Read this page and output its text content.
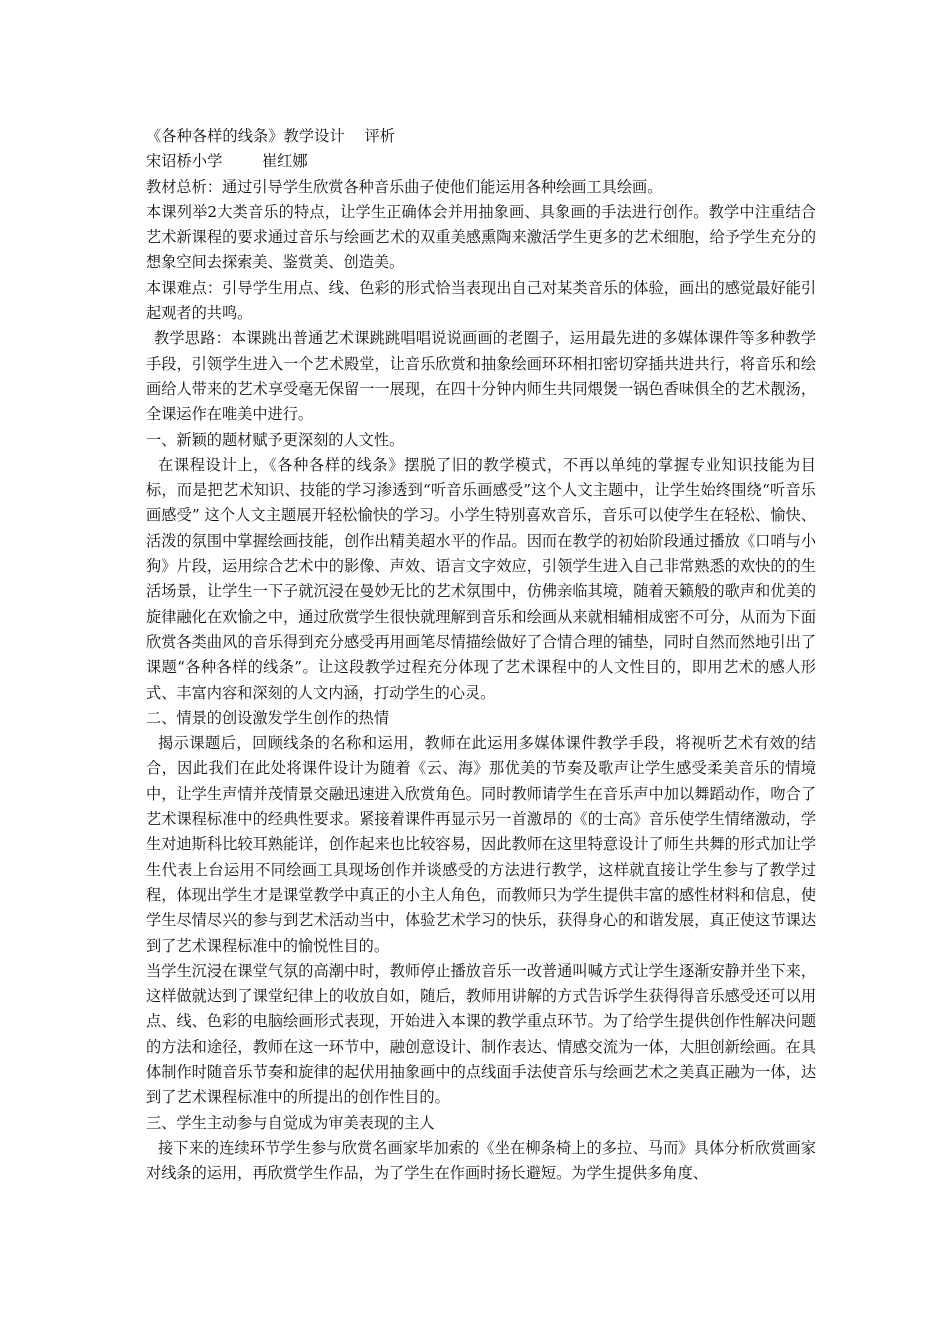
《各种各样的线条》教学设计    评析
宋诏桥小学        崔红娜

教材总析：通过引导学生欣赏各种音乐曲子使他们能运用各种绘画工具绘画。

本课列举2大类音乐的特点，让学生正确体会并用抽象画、具象画的手法进行创作。教学中注重结合艺术新课程的要求通过音乐与绘画艺术的双重美感熏陶来激活学生更多的艺术细胞，给予学生充分的想象空间去探索美、鉴赏美、创造美。

本课难点：引导学生用点、线、色彩的形式恰当表现出自己对某类音乐的体验，画出的感觉最好能引起观者的共鸣。

教学思路：本课跳出普通艺术课跳跳唱唱说说画画的老圈子，运用最先进的多媒体课件等多种教学手段，引领学生进入一个艺术殿堂，让音乐欣赏和抽象绘画环环相扣密切穿插共进共行，将音乐和绘画给人带来的艺术享受毫无保留一一展现，在四十分钟内师生共同煨煲一锅色香味俱全的艺术靓汤，全课运作在唯美中进行。

一、新颖的题材赋予更深刻的人文性。

在课程设计上，《各种各样的线条》摆脱了旧的教学模式，不再以单纯的掌握专业知识技能为目标，而是把艺术知识、技能的学习渗透到“听音乐画感受”这个人文主题中，让学生始终围绕“听音乐画感受” 这个人文主题展开轻松愉快的学习。小学生特别喜欢音乐，音乐可以使学生在轻松、愉快、活泼的氛围中掌握绘画技能，创作出精美超水平的作品。因而在教学的初始阶段通过播放《口哨与小狗》片段，运用综合艺术中的影像、声效、语言文字效应，引领学生进入自己非常熟悉的欢快的的生活场景，让学生一下子就沉浸在曼妙无比的艺术氛围中，仿佛亲临其境，随着天籁般的歌声和优美的旋律融化在欢愉之中，通过欣赏学生很快就理解到音乐和绘画从来就相辅相成密不可分，从而为下面欣赏各类曲风的音乐得到充分感受再用画笔尽情描绘做好了合情合理的铺垫，同时自然而然地引出了课题“各种各样的线条”。让这段教学过程充分体现了艺术课程中的人文性目的，即用艺术的感人形式、丰富内容和深刻的人文内涵，打动学生的心灵。

二、情景的创设激发学生创作的热情

揭示课题后，回顾线条的名称和运用，教师在此运用多媒体课件教学手段，将视听艺术有效的结合，因此我们在此处将课件设计为随着《云、海》那优美的节奏及歌声让学生感受柔美音乐的情境中，让学生声情并茂情景交融迅速进入欣赏角色。同时教师请学生在音乐声中加以舞蹈动作，吻合了艺术课程标准中的经典性要求。紧接着课件再显示另一首激昂的《的士高》音乐使学生情绪激动，学生对迪斯科比较耳熟能详，创作起来也比较容易，因此教师在这里特意设计了师生共舞的形式加让学生代表上台运用不同绘画工具现场创作并谈感受的方法进行教学，这样就直接让学生参与了教学过程，体现出学生才是课堂教学中真正的小主人角色，而教师只为学生提供丰富的感性材料和信息，使学生尽情尽兴的参与到艺术活动当中，体验艺术学习的快乐，获得身心的和谐发展，真正使这节课达到了艺术课程标准中的愉悦性目的。

当学生沉浸在课堂气氛的高潮中时，教师停止播放音乐一改普通叫喊方式让学生逐渐安静并坐下来，这样做就达到了课堂纪律上的收放自如，随后，教师用讲解的方式告诉学生获得得音乐感受还可以用点、线、色彩的电脑绘画形式表现，开始进入本课的教学重点环节。为了给学生提供创作性解决问题的方法和途径，教师在这一环节中，融创意设计、制作表达、情感交流为一体，大胆创新绘画。在具体制作时随音乐节奏和旋律的起伏用抽象画中的点线面手法使音乐与绘画艺术之美真正融为一体，达到了艺术课程标准中的所提出的创作性目的。

三、学生主动参与自觉成为审美表现的主人

接下来的连续环节学生参与欣赏名画家毕加索的《坐在柳条椅上的多拉、马而》具体分析欣赏画家对线条的运用，再欣赏学生作品，为了学生在作画时扬长避短。为学生提供多角度、
